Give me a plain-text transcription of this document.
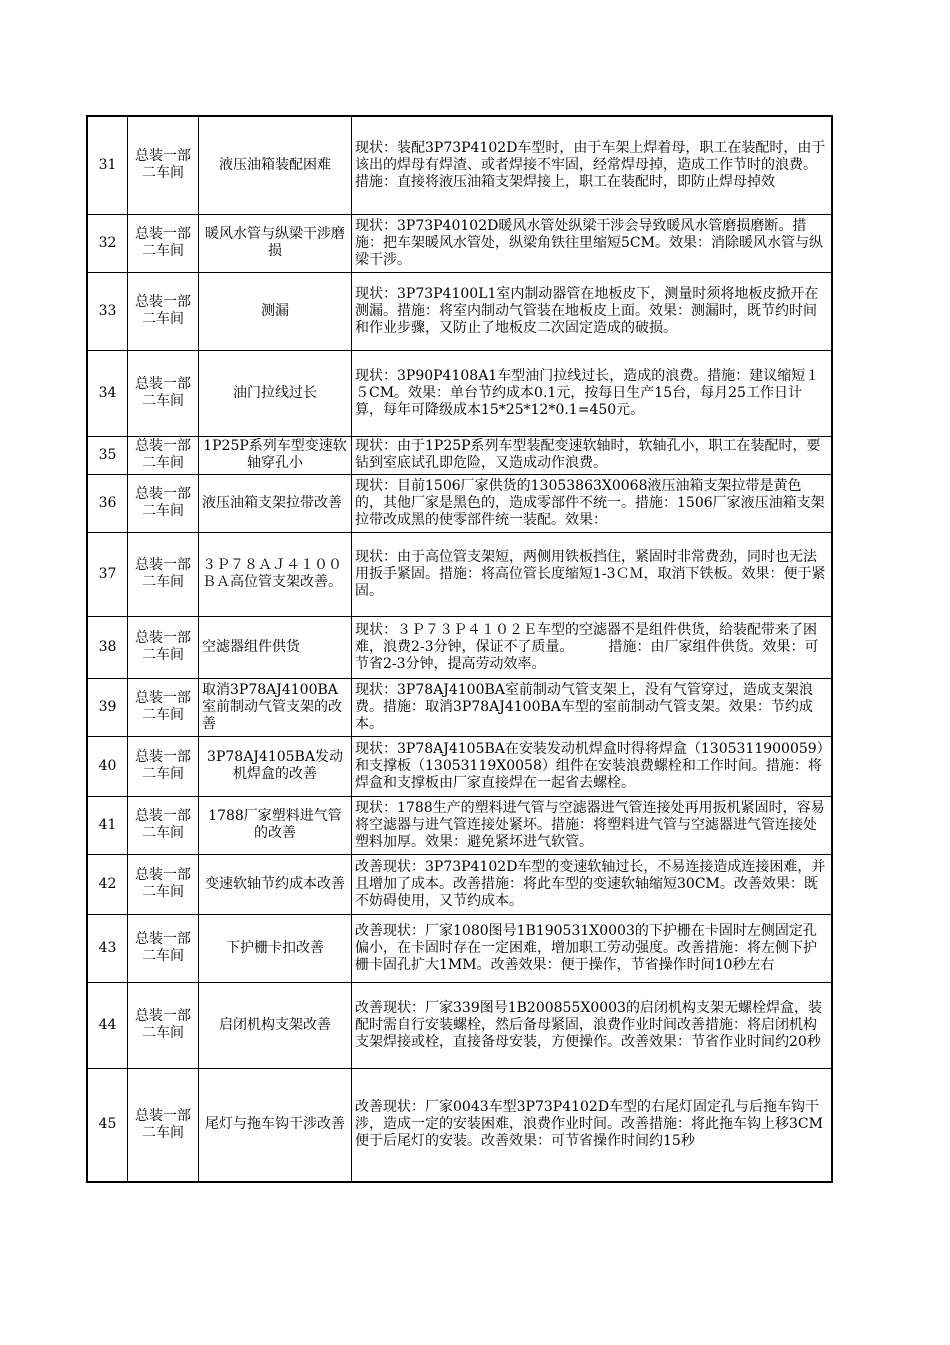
31	总装一部二车间	液压油箱装配困难	现状：装配3P73P4102D车型时，由于车架上焊着母，职工在装配时，由于该出的焊母有焊渣、或者焊接不牢固，经常焊母掉，造成工作节时的浪费。措施：直接将液压油箱支架焊接上，职工在装配时，即防止焊母掉效
32	总装一部二车间	暖风水管与纵梁干涉磨损	现状：3P73P40102D暖风水管处纵梁干涉会导致暖风水管磨损磨断。措施：把车架暖风水管处，纵梁角铁往里缩短5CM。效果：消除暖风水管与纵梁干涉。
33	总装一部二车间	测漏	现状：3P73P4100L1室内制动器管在地板皮下，测量时须将地板皮掀开在测漏。措施：将室内制动气管装在地板皮上面。效果：测漏时，既节约时间和作业步骤，又防止了地板皮二次固定造成的破损。
34	总装一部二车间	油门拉线过长	现状：3P90P4108A1车型油门拉线过长，造成的浪费。措施：建议缩短１５CM。效果：单台节约成本0.1元，按每日生产15台，每月25工作日计算，每年可降级成本15*25*12*0.1=450元。
35	总装一部二车间	1P25P系列车型变速软轴穿孔小	现状：由于1P25P系列车型装配变速软轴时，软轴孔小，职工在装配时，要钻到室底试孔即危险，又造成动作浪费。
36	总装一部二车间	液压油箱支架拉带改善	现状：目前1506厂家供货的13053863X0068液压油箱支架拉带是黄色的，其他厂家是黑色的，造成零部件不统一。措施：1506厂家液压油箱支架拉带改成黑的使零部件统一装配。效果：
37	总装一部二车间	３Ｐ７８ＡＪ４１００ＢＡ高位管支架改善。	现状：由于高位管支架短，两侧用铁板挡住，紧固时非常费劲，同时也无法用扳手紧固。措施：将高位管长度缩短1-3ＣＭ，取消下铁板。效果：便于紧固。
38	总装一部二车间	空滤器组件供货	现状：３Ｐ７３Ｐ４１０２Ｅ车型的空滤器不是组件供货，给装配带来了困难，浪费2-3分钟，保证不了质量。　　　措施：由厂家组件供货。效果：可节省2-3分钟，提高劳动效率。
39	总装一部二车间	取消3P78AJ4100BA室前制动气管支架的改善	现状：3P78AJ4100BA室前制动气管支架上，没有气管穿过，造成支架浪费。措施：取消3P78AJ4100BA车型的室前制动气管支架。效果：节约成本。
40	总装一部二车间	3P78AJ4105BA发动机焊盒的改善	现状：3P78AJ4105BA在安装发动机焊盒时得将焊盒（1305311900059）和支撑板（13053119X0058）组件在安装浪费螺栓和工作时间。措施：将焊盒和支撑板由厂家直接焊在一起省去螺栓。
41	总装一部二车间	1788厂家塑料进气管的改善	现状：1788生产的塑料进气管与空滤器进气管连接处再用扳机紧固时，容易将空滤器与进气管连接处紧坏。措施：将塑料进气管与空滤器进气管连接处塑料加厚。效果：避免紧坏进气软管。
42	总装一部二车间	变速软轴节约成本改善	改善现状：3P73P4102D车型的变速软轴过长，不易连接造成连接困难，并且增加了成本。改善措施：将此车型的变速软轴缩短30CM。改善效果：既不妨碍使用，又节约成本。
43	总装一部二车间	下护栅卡扣改善	改善现状：厂家1080图号1B190531X0003的下护栅在卡固时左侧固定孔偏小，在卡固时存在一定困难，增加职工劳动强度。改善措施：将左侧下护栅卡固孔扩大1MM。改善效果：便于操作，节省操作时间10秒左右
44	总装一部二车间	启闭机构支架改善	改善现状：厂家339图号1B200855X0003的启闭机构支架无螺栓焊盒，装配时需自行安装螺栓，然后备母紧固，浪费作业时间改善措施：将启闭机构支架焊接或栓，直接备母安装，方便操作。改善效果：节省作业时间约20秒
45	总装一部二车间	尾灯与拖车钩干涉改善	改善现状：厂家0043车型3P73P4102D车型的右尾灯固定孔与后拖车钩干涉，造成一定的安装困难，浪费作业时间。改善措施：将此拖车钩上移3CM便于后尾灯的安装。改善效果：可节省操作时间约15秒
